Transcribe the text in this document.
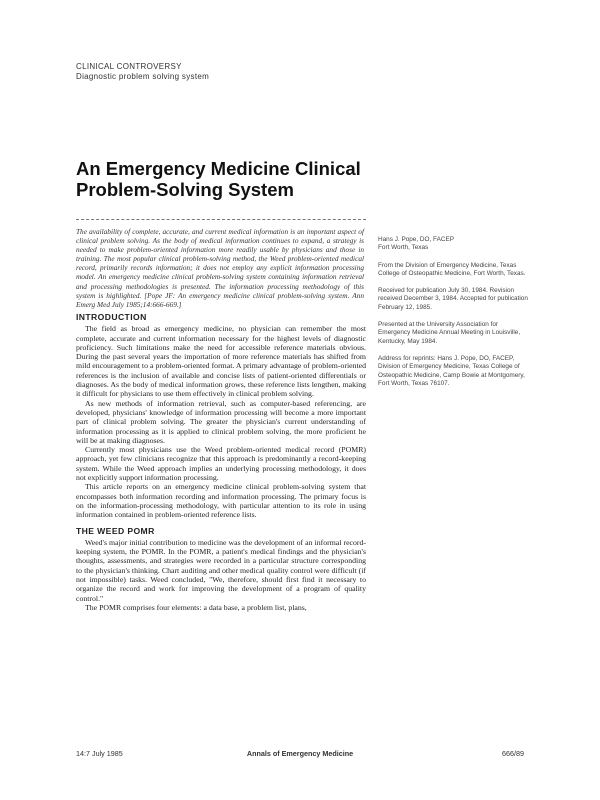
CLINICAL CONTROVERSY
Diagnostic problem solving system
An Emergency Medicine Clinical Problem-Solving System

The availability of complete, accurate, and current medical information is an important aspect of clinical problem solving. As the body of medical information continues to expand, a strategy is needed to make problem-oriented information more readily usable by physicians and those in training. The most popular clinical problem-solving method, the Weed problem-oriented medical record, primarily records information; it does not employ any explicit information processing model. An emergency medicine clinical problem-solving system containing information retrieval and processing methodologies is presented. The information processing methodology of this system is highlighted. [Pope JF: An emergency medicine clinical problem-solving system. Ann Emerg Med July 1985;14:666-669.]

INTRODUCTION

The field as broad as emergency medicine, no physician can remember the most complete, accurate and current information necessary for the highest levels of diagnostic proficiency. Such limitations make the need for accessible reference materials obvious. During the past several years the importation of more reference materials has shifted from mild encouragement to a problem-oriented format. A primary advantage of problem-oriented references is the inclusion of available and concise lists of patient-oriented differentials or diagnoses. As the body of medical information grows, these reference lists lengthen, making it difficult for physicians to use them effectively in clinical problem solving.

As new methods of information retrieval, such as computer-based referencing, are developed, physicians' knowledge of information processing will become a more important part of clinical problem solving. The greater the physician's current understanding of information processing as it is applied to clinical problem solving, the more proficient he will be at making diagnoses.

Currently most physicians use the Weed problem-oriented medical record (POMR) approach, yet few clinicians recognize that this approach is predominantly a record-keeping system. While the Weed approach implies an underlying processing methodology, it does not explicitly support information processing.

This article reports on an emergency medicine clinical problem-solving system that encompasses both information recording and information processing. The primary focus is on the information-processing methodology, with particular attention to its role in using information contained in problem-oriented reference lists.

THE WEED POMR

Weed's major initial contribution to medicine was the development of an informal record-keeping system, the POMR. In the POMR, a patient's medical findings and the physician's thoughts, assessments, and strategies were recorded in a particular structure corresponding to the physician's thinking. Chart auditing and other medical quality control were difficult (if not impossible) tasks. Weed concluded, "We, therefore, should first find it necessary to organize the record and work for improving the development of a program of quality control."

The POMR comprises four elements: a data base, a problem list, plans,

Hans J. Pope, DO, FACEP
Fort Worth, Texas

From the Division of Emergency Medicine, Texas College of Osteopathic Medicine, Fort Worth, Texas.

Received for publication July 30, 1984. Revision received December 3, 1984. Accepted for publication February 12, 1985.

Presented at the University Association for Emergency Medicine Annual Meeting in Louisville, Kentucky, May 1984.

Address for reprints: Hans J. Pope, DO, FACEP, Division of Emergency Medicine, Texas College of Osteopathic Medicine, Camp Bowie at Montgomery, Fort Worth, Texas 76107.

14:7 July 1985	Annals of Emergency Medicine	666/89
